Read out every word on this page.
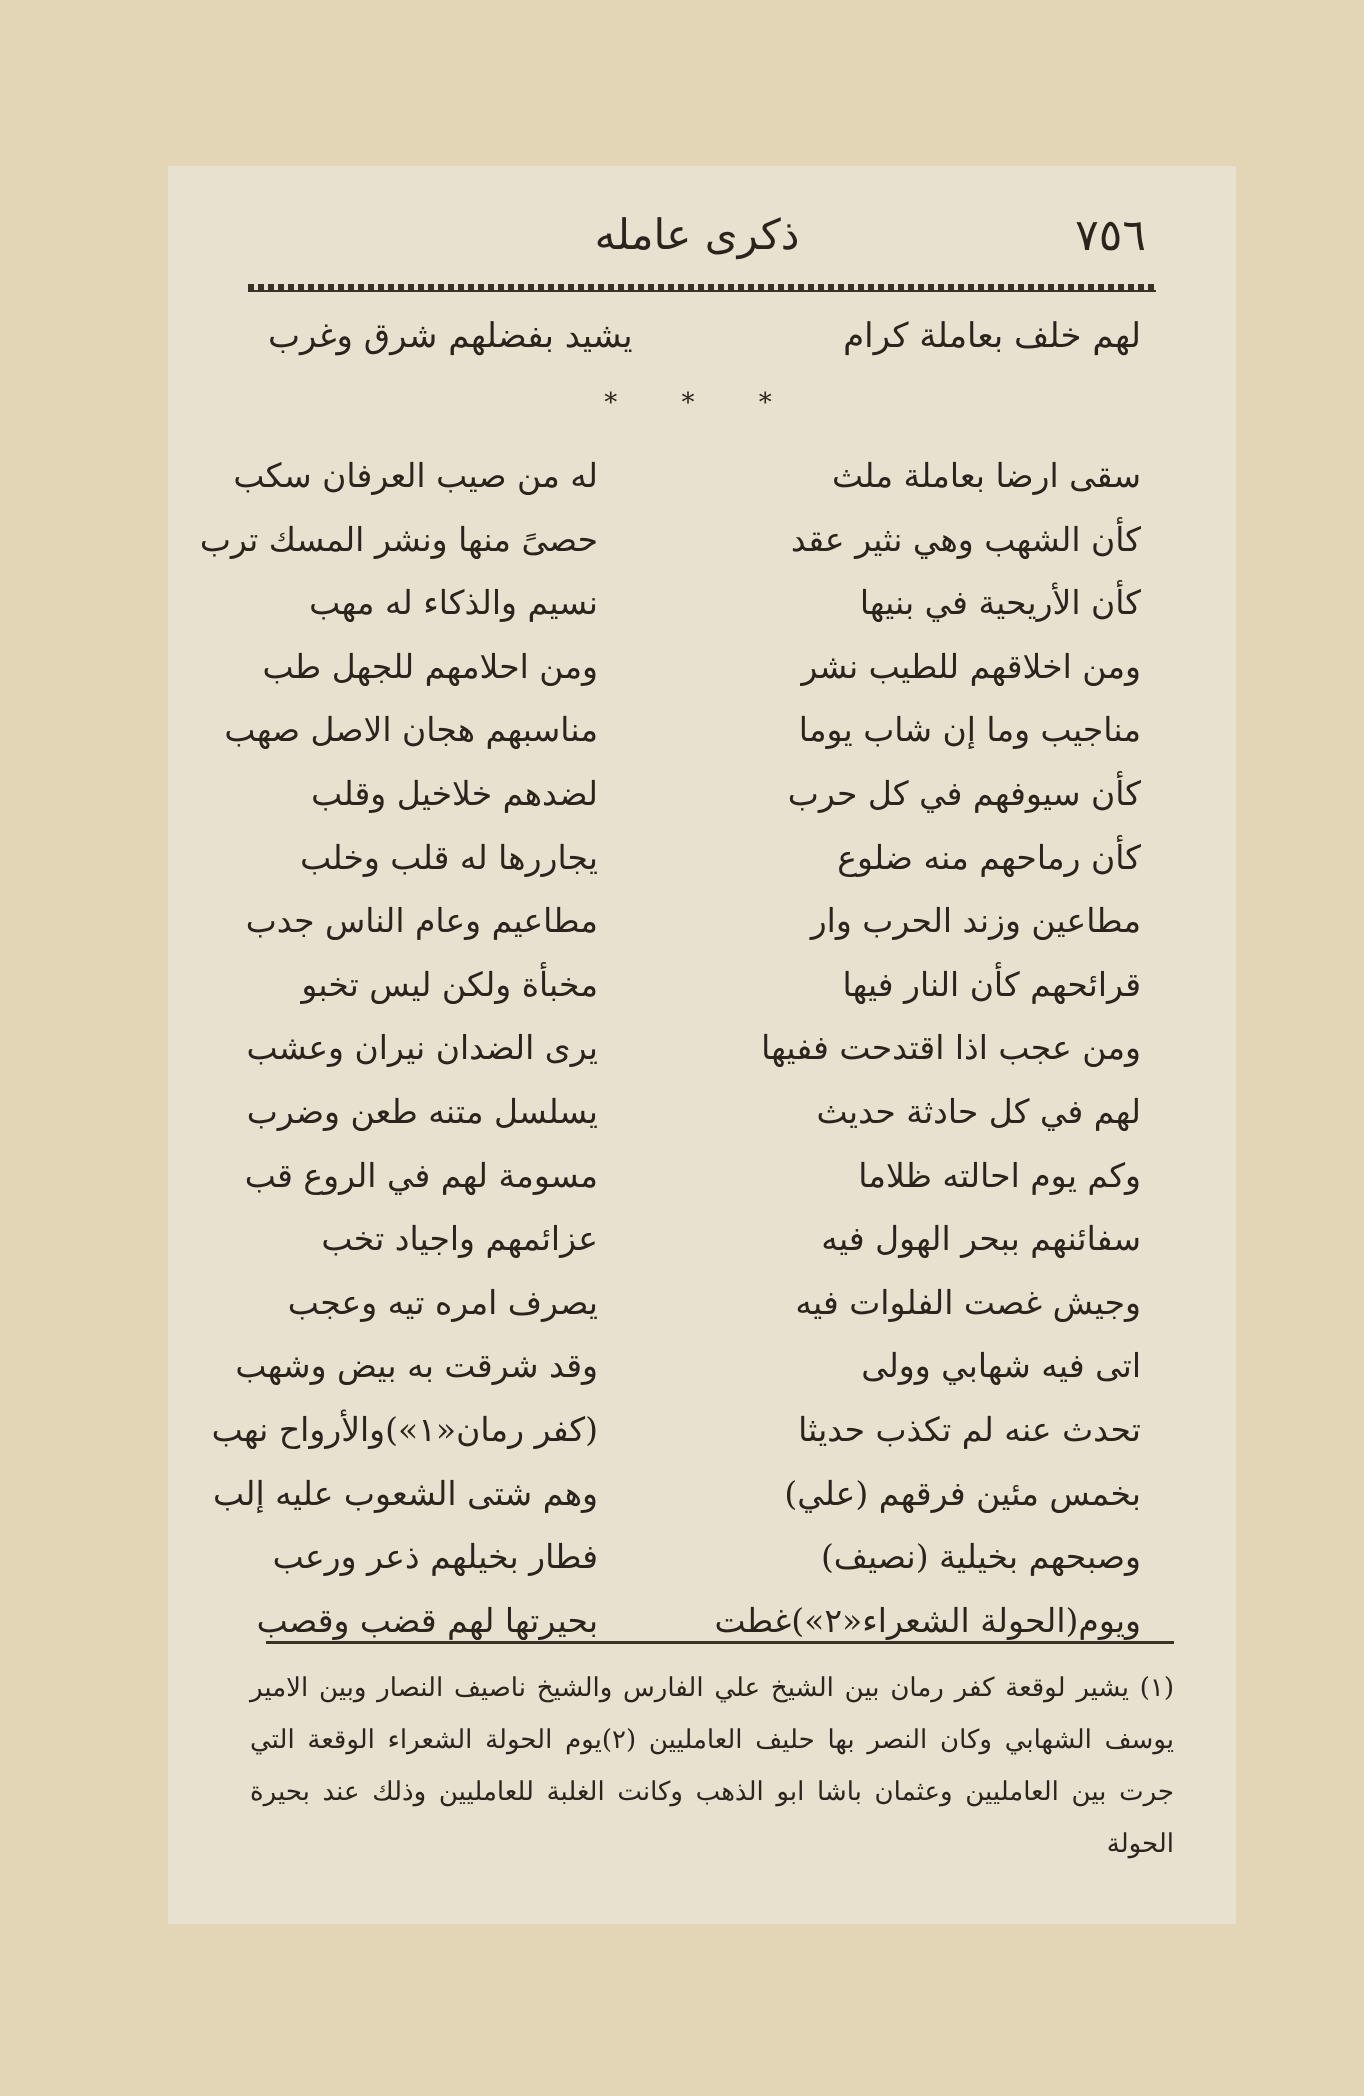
٧٥٦
ذكرى عامله
لهم خلف بعاملة كرام
يشيد بفضلهم شرق وغرب
* * *
سقى ارضا بعاملة ملث
له من صيب العرفان سكب
كأن الشهب وهي نثير عقد
حصىً منها ونشر المسك ترب
كأن الأريحية في بنيها
نسيم والذكاء له مهب
ومن اخلاقهم للطيب نشر
ومن احلامهم للجهل طب
مناجيب وما إن شاب يوما
مناسبهم هجان الاصل صهب
كأن سيوفهم في كل حرب
لضدهم خلاخيل وقلب
كأن رماحهم منه ضلوع
يجاررها له قلب وخلب
مطاعين وزند الحرب وار
مطاعيم وعام الناس جدب
قرائحهم كأن النار فيها
مخبأة ولكن ليس تخبو
ومن عجب اذا اقتدحت ففيها
يرى الضدان نيران وعشب
لهم في كل حادثة حديث
يسلسل متنه طعن وضرب
وكم يوم احالته ظلاما
مسومة لهم في الروع قب
سفائنهم ببحر الهول فيه
عزائمهم واجياد تخب
وجيش غصت الفلوات فيه
يصرف امره تيه وعجب
اتى فيه شهابي وولى
وقد شرقت به بيض وشهب
تحدث عنه لم تكذب حديثا
(كفر رمان«١»)والأرواح نهب
بخمس مئين فرقهم (علي)
وهم شتى الشعوب عليه إلب
وصبحهم بخيلية (نصيف)
فطار بخيلهم ذعر ورعب
ويوم(الحولة الشعراء«٢»)غطت
بحيرتها لهم قضب وقصب

(١) يشير لوقعة كفر رمان بين الشيخ علي الفارس والشيخ ناصيف النصار وبين الامير يوسف الشهابي وكان النصر بها حليف العامليين (٢)يوم الحولة الشعراء الوقعة التي جرت بين العامليين وعثمان باشا ابو الذهب وكانت الغلبة للعامليين وذلك عند بحيرة الحولة
